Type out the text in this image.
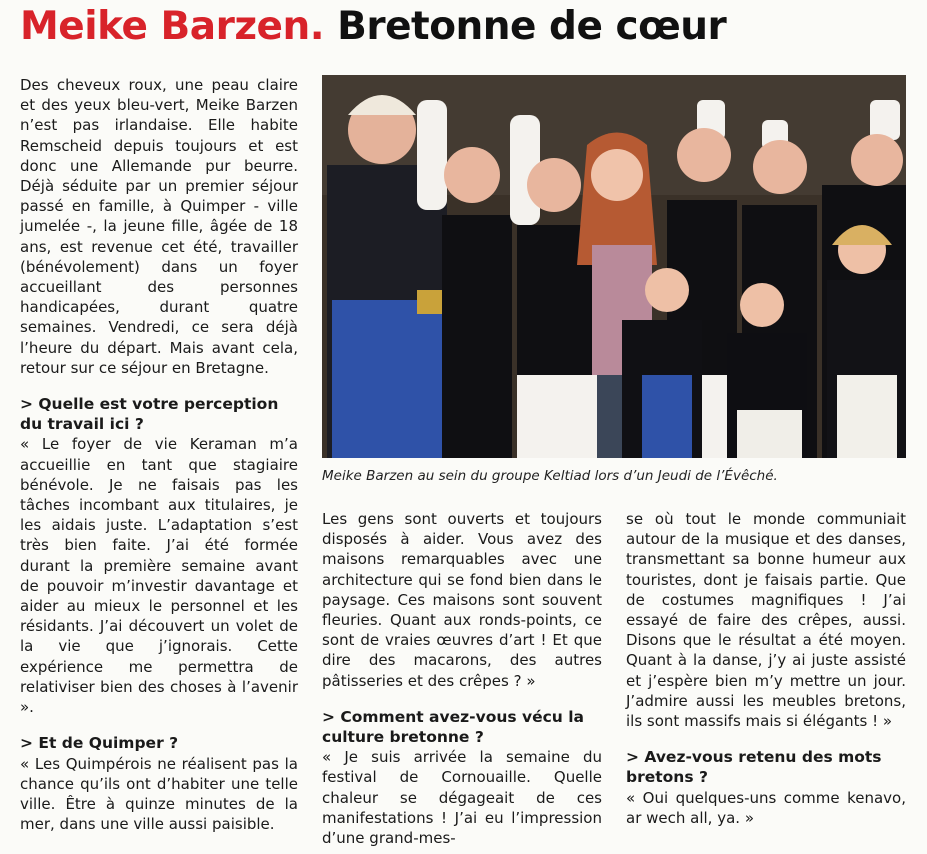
Meike Barzen. Bretonne de cœur

Des cheveux roux, une peau claire et des yeux bleu-vert, Meike Barzen n’est pas irlandaise. Elle habite Remscheid depuis toujours et est donc une Allemande pur beurre. Déjà séduite par un premier séjour passé en famille, à Quimper - ville jumelée -, la jeune fille, âgée de 18 ans, est revenue cet été, travailler (bénévolement) dans un foyer accueillant des personnes handicapées, durant quatre semaines. Vendredi, ce sera déjà l’heure du départ. Mais avant cela, retour sur ce séjour en Bretagne.

> Quelle est votre perception du travail ici ?

« Le foyer de vie Keraman m’a accueillie en tant que stagiaire bénévole. Je ne faisais pas les tâches incombant aux titulaires, je les aidais juste. L’adaptation s’est très bien faite. J’ai été formée durant la première semaine avant de pouvoir m’investir davantage et aider au mieux le personnel et les résidants. J’ai découvert un volet de la vie que j’ignorais. Cette expérience me permettra de relativiser bien des choses à l’avenir ».

> Et de Quimper ?

« Les Quimpérois ne réalisent pas la chance qu’ils ont d’habiter une telle ville. Être à quinze minutes de la mer, dans une ville aussi paisible.

Meike Barzen au sein du groupe Keltiad lors d’un Jeudi de l’Évêché.

Les gens sont ouverts et toujours disposés à aider. Vous avez des maisons remarquables avec une architecture qui se fond bien dans le paysage. Ces maisons sont souvent fleuries. Quant aux ronds-points, ce sont de vraies œuvres d’art ! Et que dire des macarons, des autres pâtisseries et des crêpes ? »

> Comment avez-vous vécu la culture bretonne ?

« Je suis arrivée la semaine du festival de Cornouaille. Quelle chaleur se dégageait de ces manifestations ! J’ai eu l’impression d’une grand-mes-

se où tout le monde communiait autour de la musique et des danses, transmettant sa bonne humeur aux touristes, dont je faisais partie. Que de costumes magnifiques ! J’ai essayé de faire des crêpes, aussi. Disons que le résultat a été moyen. Quant à la danse, j’y ai juste assisté et j’espère bien m’y mettre un jour. J’admire aussi les meubles bretons, ils sont massifs mais si élégants ! »

> Avez-vous retenu des mots bretons ?

« Oui quelques-uns comme kenavo, ar wech all, ya. »
